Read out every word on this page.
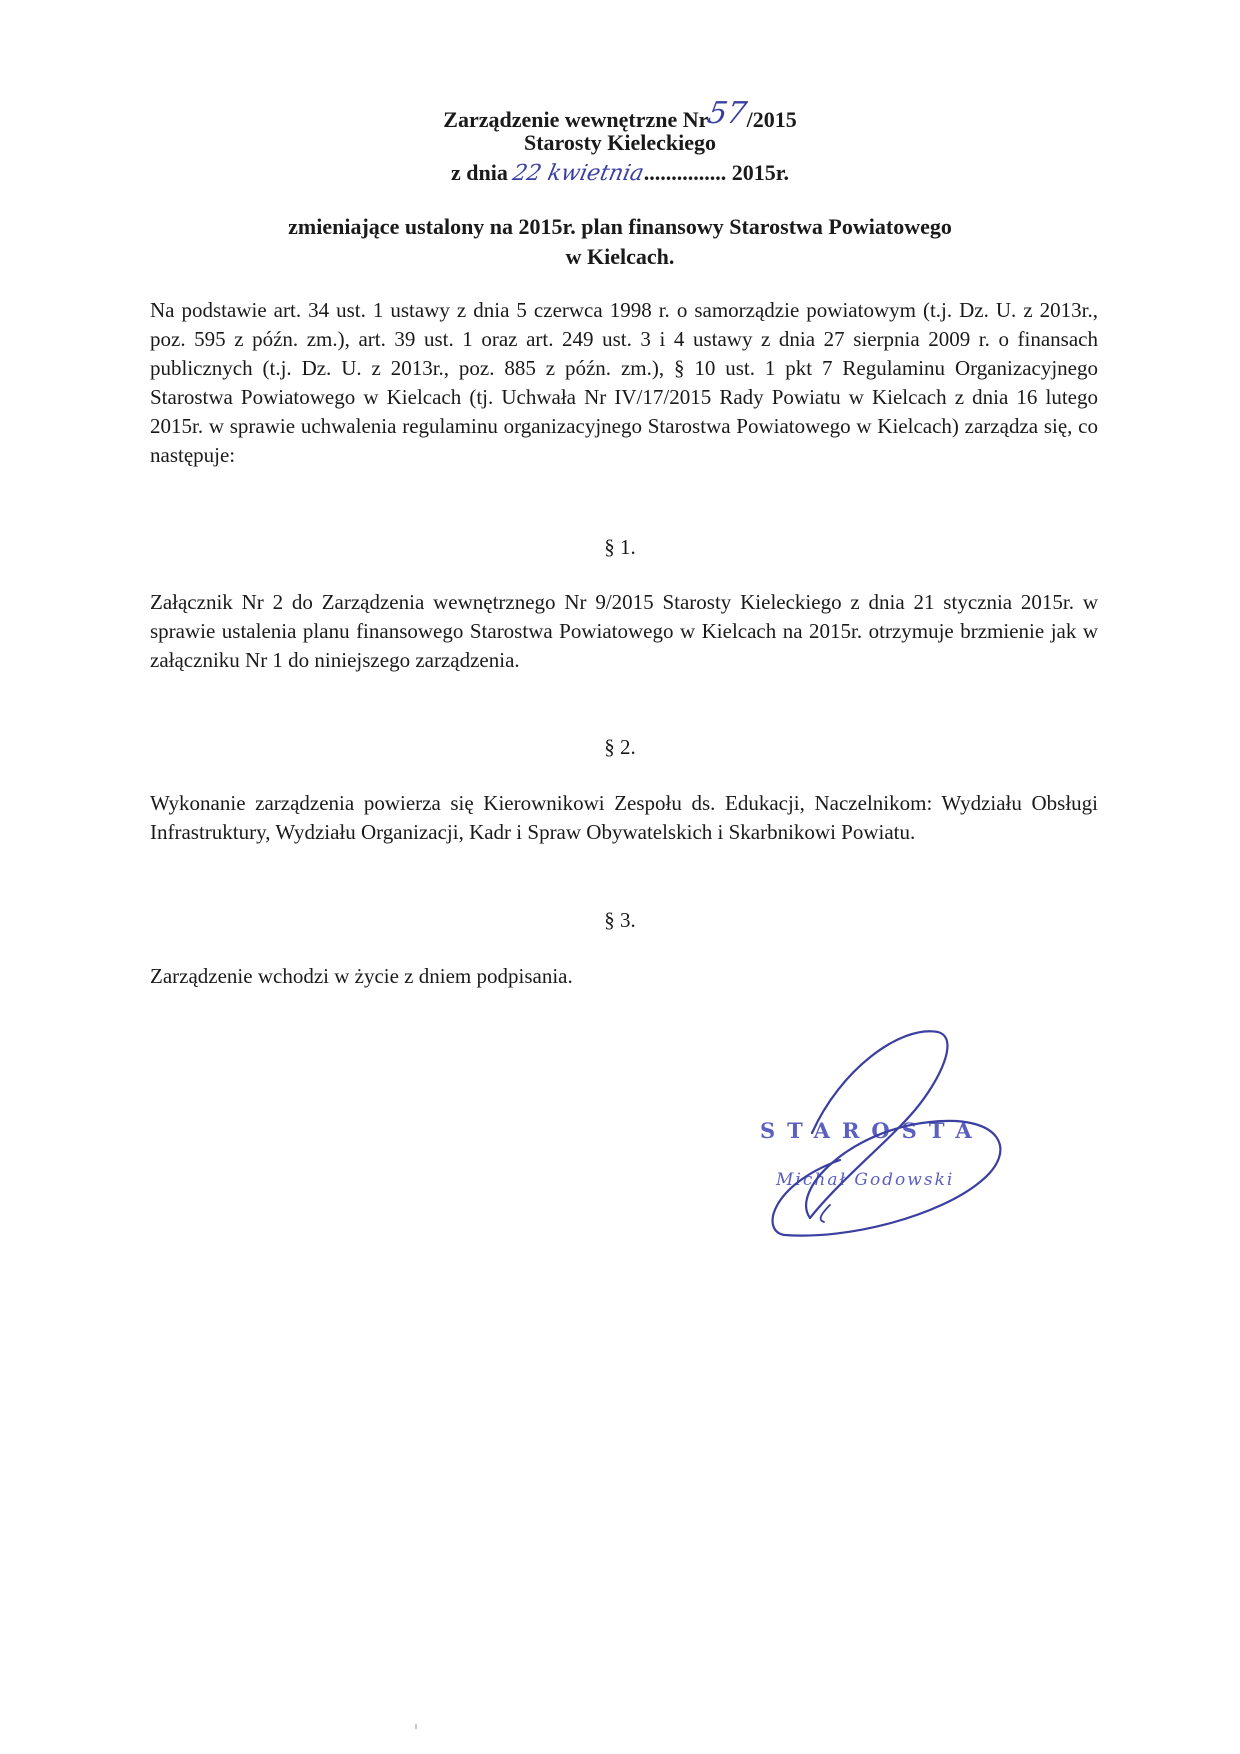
Zarządzenie wewnętrzne Nr57/2015
Starosty Kieleckiego
z dnia 22 kwietnia............... 2015r.
zmieniające ustalony na 2015r. plan finansowy Starostwa Powiatowego
w Kielcach.
Na podstawie art. 34 ust. 1 ustawy z dnia 5 czerwca 1998 r. o samorządzie powiatowym (t.j. Dz. U. z 2013r., poz. 595 z późn. zm.), art. 39 ust. 1 oraz art. 249 ust. 3 i 4 ustawy z dnia 27 sierpnia 2009 r. o finansach publicznych (t.j. Dz. U. z 2013r., poz. 885 z późn. zm.), § 10 ust. 1 pkt 7 Regulaminu Organizacyjnego Starostwa Powiatowego w Kielcach (tj. Uchwała Nr IV/17/2015 Rady Powiatu w Kielcach z dnia 16 lutego 2015r. w sprawie uchwalenia regulaminu organizacyjnego Starostwa Powiatowego w Kielcach) zarządza się, co następuje:
§ 1.
Załącznik Nr 2 do Zarządzenia wewnętrznego Nr 9/2015 Starosty Kieleckiego z dnia 21 stycznia 2015r. w sprawie ustalenia planu finansowego Starostwa Powiatowego w Kielcach na 2015r. otrzymuje brzmienie jak w załączniku Nr 1 do niniejszego zarządzenia.
§ 2.
Wykonanie zarządzenia powierza się Kierownikowi Zespołu ds. Edukacji, Naczelnikom: Wydziału Obsługi Infrastruktury, Wydziału Organizacji, Kadr i Spraw Obywatelskich i Skarbnikowi Powiatu.
§ 3.
Zarządzenie wchodzi w życie z dniem podpisania.
STAROSTA
Michał Godowski
